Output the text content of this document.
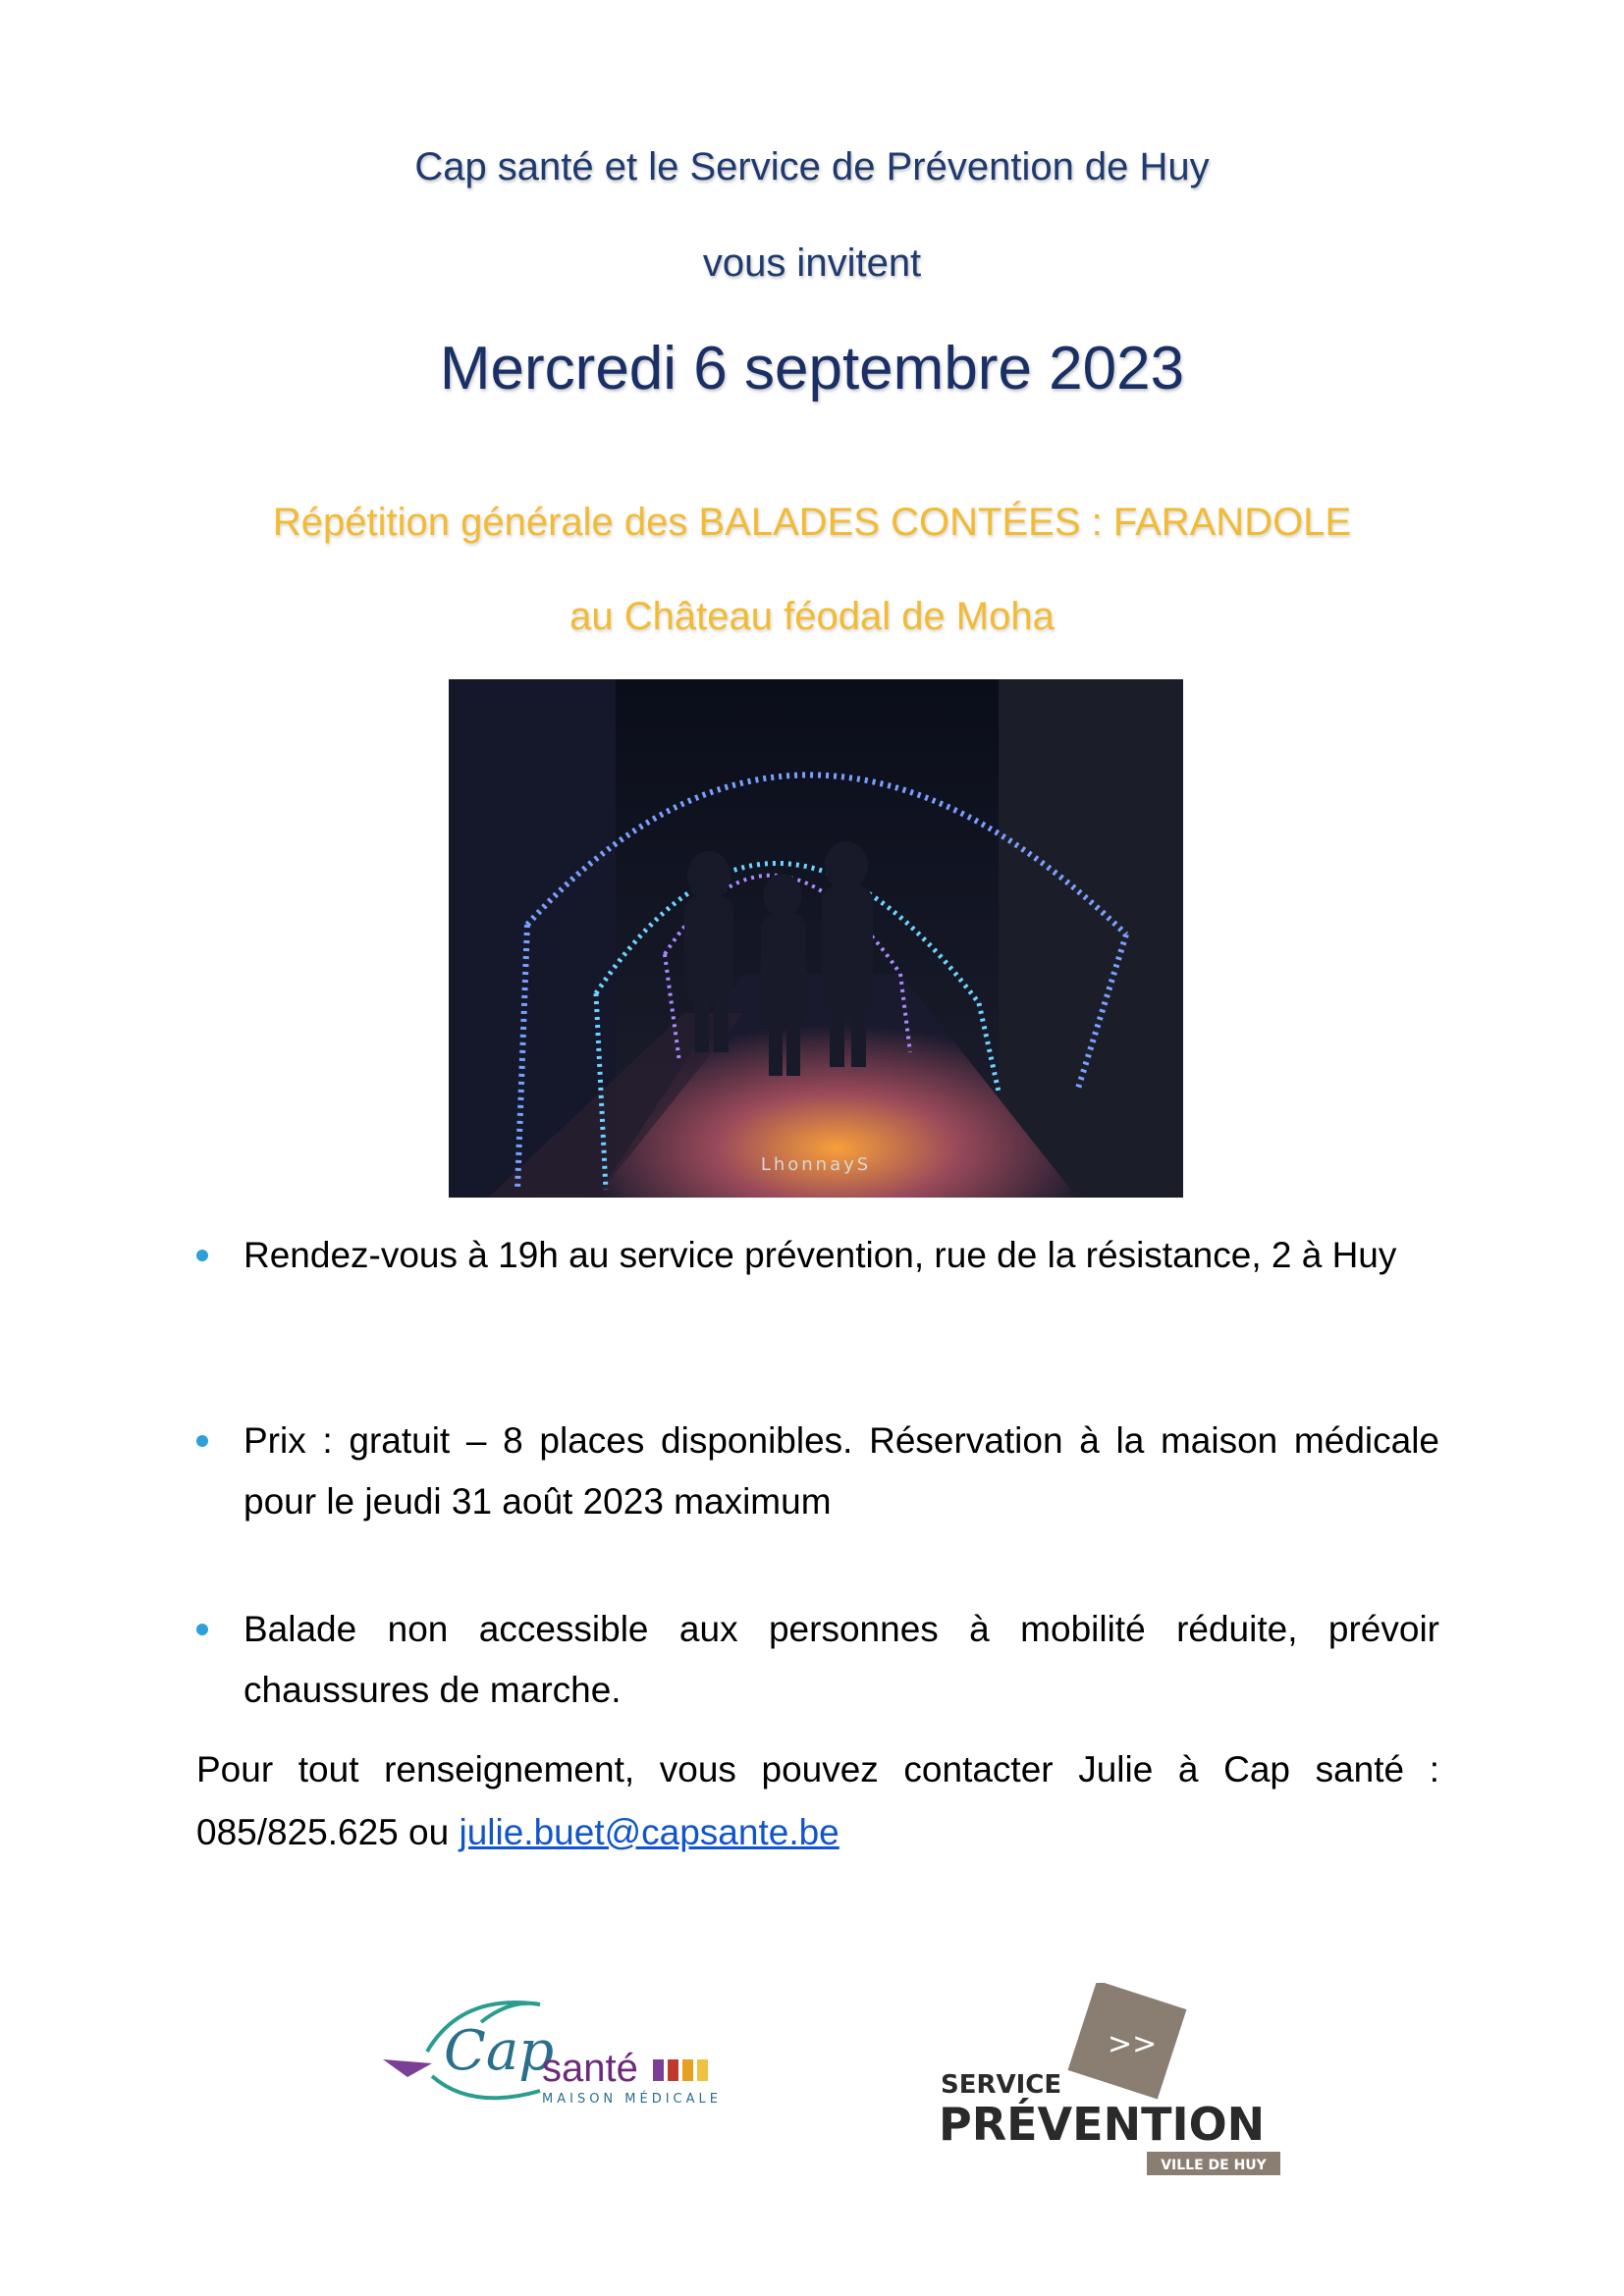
Cap santé et le Service de Prévention de Huy
vous invitent
Mercredi 6 septembre 2023
Répétition générale des BALADES CONTÉES : FARANDOLE
au Château féodal de Moha
LhonnayS
Rendez-vous à 19h au service prévention, rue de la résistance, 2 à Huy
Prix : gratuit – 8 places disponibles. Réservation à la maison médicale pour le jeudi 31 août 2023 maximum
Balade non accessible aux personnes à mobilité réduite, prévoir chaussures de marche.
Pour tout renseignement, vous pouvez contacter Julie à Cap santé :
085/825.625 ou julie.buet@capsante.be
Cap
santé
MAISON MÉDICALE
>>
SERVICE
PRÉVENTION
VILLE DE HUY
